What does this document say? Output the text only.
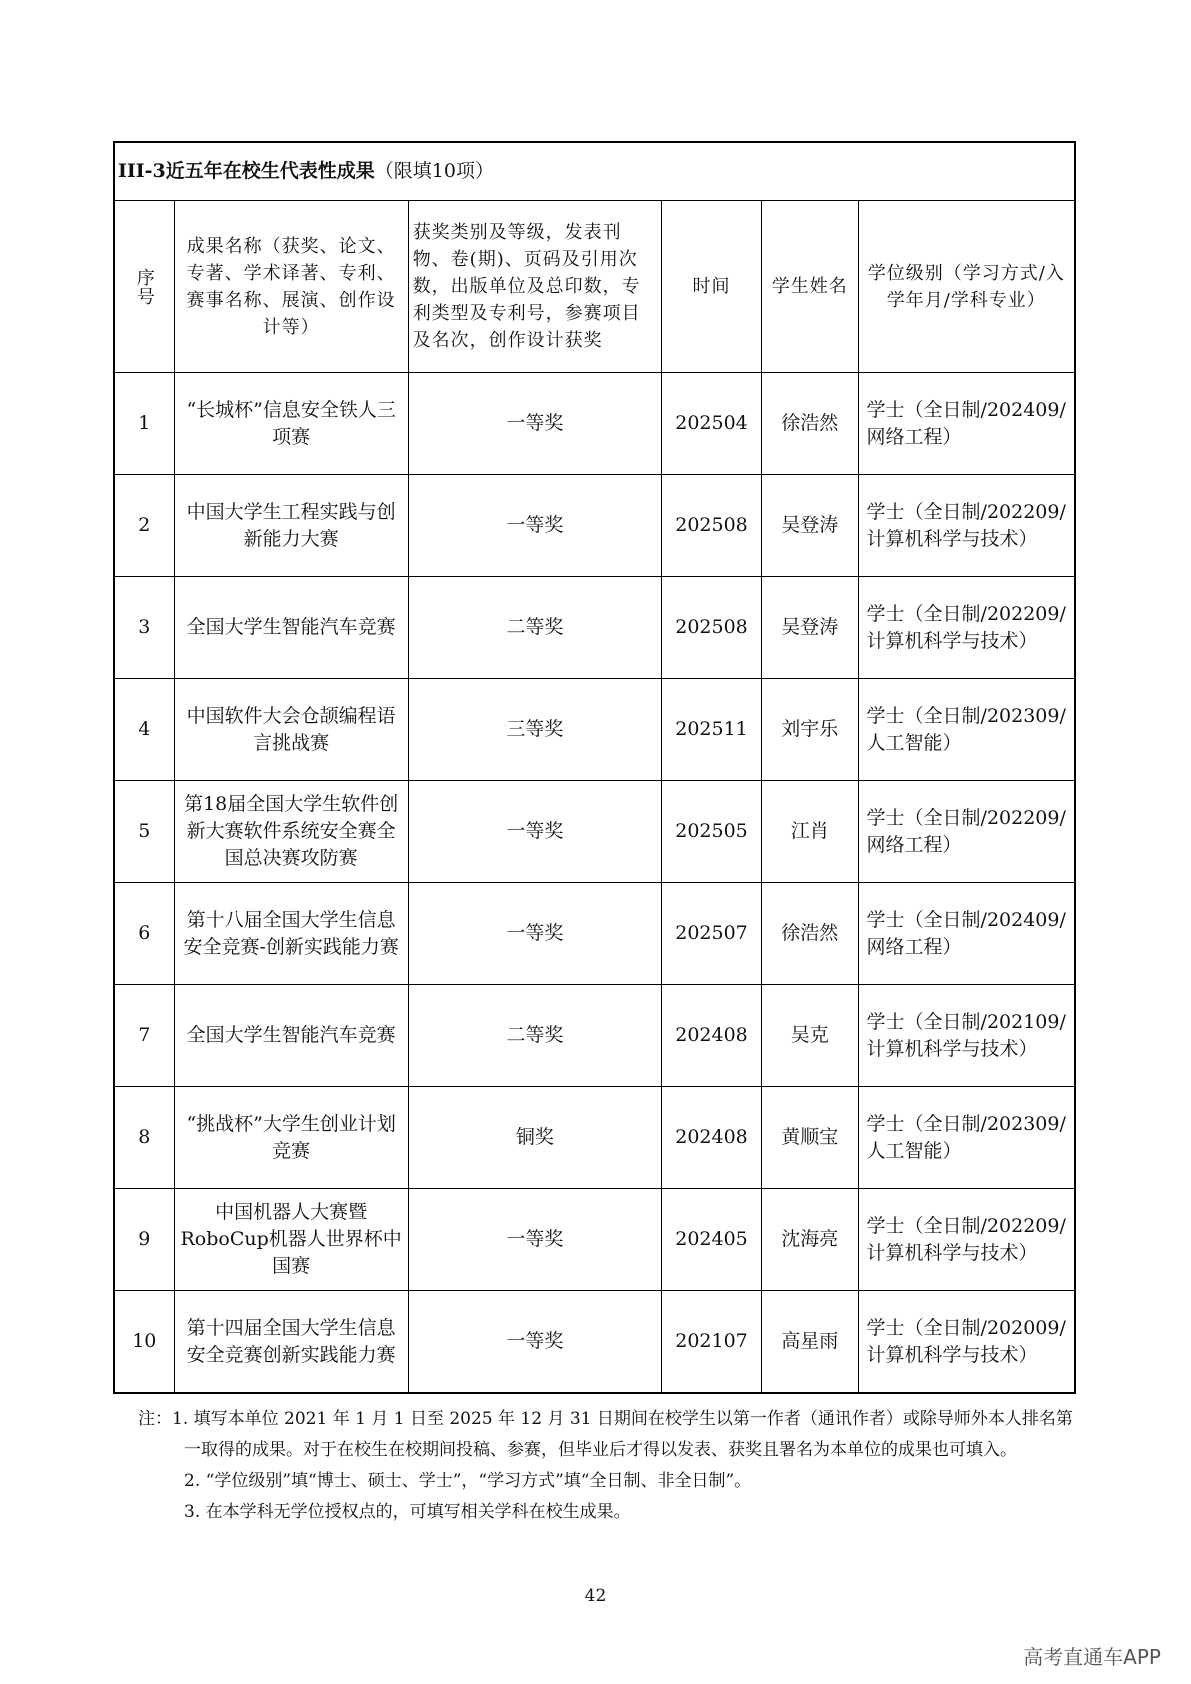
III-3近五年在校生代表性成果（限填10项）					
序号	成果名称（获奖、论文、专著、学术译著、专利、赛事名称、展演、创作设计等）	获奖类别及等级，发表刊物、卷(期)、页码及引用次数，出版单位及总印数，专利类型及专利号，参赛项目及名次，创作设计获奖	时间	学生姓名	学位级别（学习方式/入学年月/学科专业）
1	“长城杯”信息安全铁人三项赛	一等奖	202504	徐浩然	学士（全日制/202409/网络工程）
2	中国大学生工程实践与创新能力大赛	一等奖	202508	吴登涛	学士（全日制/202209/计算机科学与技术）
3	全国大学生智能汽车竞赛	二等奖	202508	吴登涛	学士（全日制/202209/计算机科学与技术）
4	中国软件大会仓颉编程语言挑战赛	三等奖	202511	刘宇乐	学士（全日制/202309/人工智能）
5	第18届全国大学生软件创新大赛软件系统安全赛全国总决赛攻防赛	一等奖	202505	江肖	学士（全日制/202209/网络工程）
6	第十八届全国大学生信息安全竞赛-创新实践能力赛	一等奖	202507	徐浩然	学士（全日制/202409/网络工程）
7	全国大学生智能汽车竞赛	二等奖	202408	吴克	学士（全日制/202109/计算机科学与技术）
8	“挑战杯”大学生创业计划竞赛	铜奖	202408	黄顺宝	学士（全日制/202309/人工智能）
9	中国机器人大赛暨RoboCup机器人世界杯中国赛	一等奖	202405	沈海亮	学士（全日制/202209/计算机科学与技术）
10	第十四届全国大学生信息安全竞赛创新实践能力赛	一等奖	202107	高星雨	学士（全日制/202009/计算机科学与技术）
注：1. 填写本单位 2021 年 1 月 1 日至 2025 年 12 月 31 日期间在校学生以第一作者（通讯作者）或除导师外本人排名第
一取得的成果。对于在校生在校期间投稿、参赛，但毕业后才得以发表、获奖且署名为本单位的成果也可填入。
2. “学位级别”填“博士、硕士、学士”，“学习方式”填“全日制、非全日制”。
3. 在本学科无学位授权点的，可填写相关学科在校生成果。
42
高考直通车APP
